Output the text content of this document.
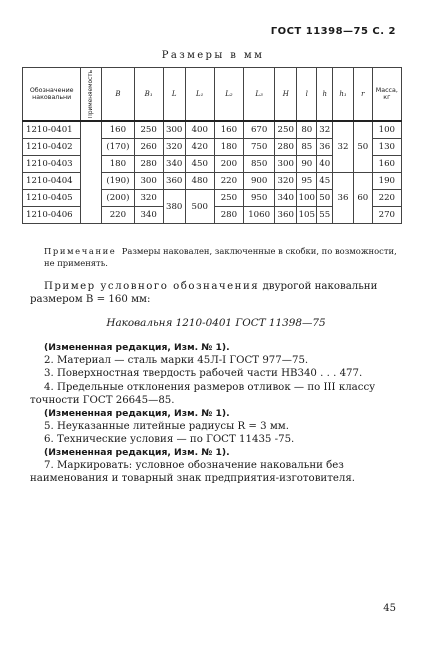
ГОСТ 11398—75 С. 2
Размеры в мм
Обозначение наковальни	Применяемость	B	B₁	L	L₁	L₂	L₃	H	l	h	h₁	r	Масса, кг
1210-0401		160	250	300	400	160	670	250	80	32	32	50	100
1210-0402		(170)	260	320	420	180	750	280	85	36			130
1210-0403		180	280	340	450	200	850	300	90	40			160
1210-0404		(190)	300	360	480	220	900	320	95	45	36	60	190
1210-0405		(200)	320	380	500	250	950	340	100	50			220
1210-0406		220	340			280	1060	360	105	55			270
Примечание Размеры наковален, заключенные в скобки, по возможности, не применять.

Пример условного обозначения двурогой наковальни размером B = 160 мм:

Наковальня 1210-0401 ГОСТ 11398—75

(Измененная редакция, Изм. № 1).

2. Материал — сталь марки 45Л-I ГОСТ 977—75.

3. Поверхностная твердость рабочей части HB340 . . . 477.

4. Предельные отклонения размеров отливок — по III классу точности ГОСТ 26645—85.

(Измененная редакция, Изм. № 1).

5. Неуказанные литейные радиусы R = 3 мм.

6. Технические условия — по ГОСТ 11435 -75.

(Измененная редакция, Изм. № 1).

7. Маркировать: условное обозначение наковальни без наименования и товарный знак предприятия-изготовителя.

45
